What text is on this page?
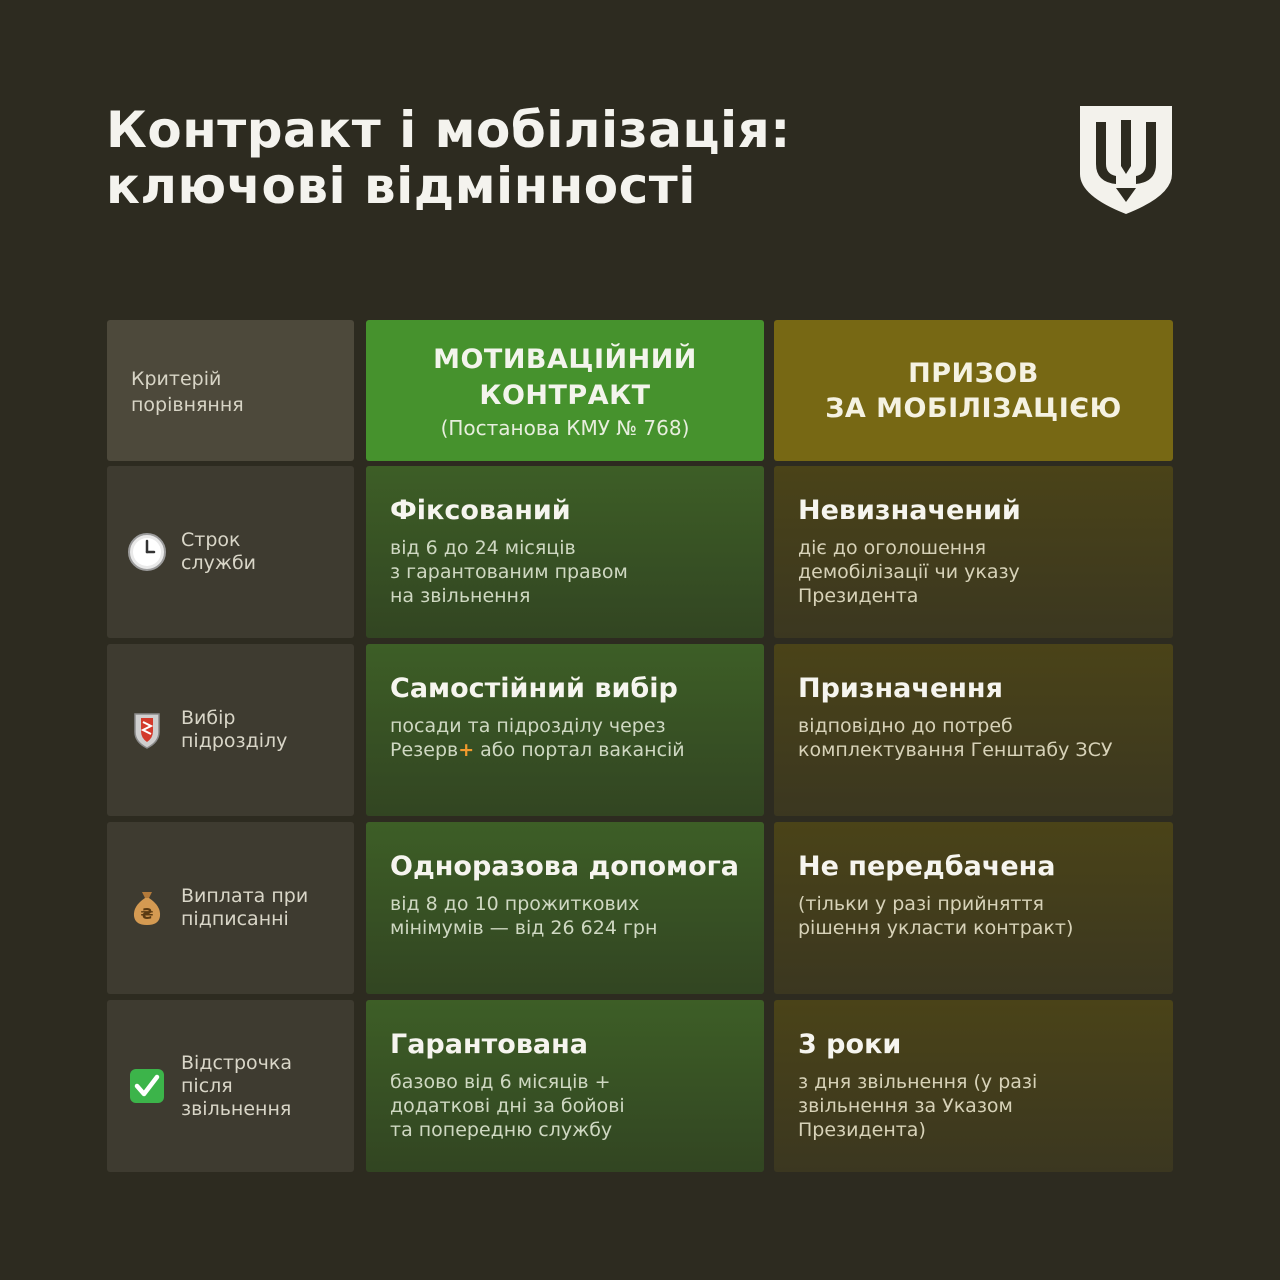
Контракт і мобілізація:
ключові відмінності
Критерій
порівняння
МОТИВАЦІЙНИЙ
КОНТРАКТ
(Постанова КМУ № 768)
ПРИЗОВ
ЗА МОБІЛІЗАЦІЄЮ
Строк
служби
Фіксований
від 6 до 24 місяців
з гарантованим правом
на звільнення
Невизначений
діє до оголошення
демобілізації чи указу
Президента
Вибір
підрозділу
Самостійний вибір
посади та підрозділу через
Резерв+ або портал вакансій
Призначення
відповідно до потреб
комплектування Генштабу ЗСУ
₴
Виплата при
підписанні
Одноразова допомога
від 8 до 10 прожиткових
мінімумів — від 26 624 грн
Не передбачена
(тільки у разі прийняття
рішення укласти контракт)
Відстрочка
після
звільнення
Гарантована
базово від 6 місяців +
додаткові дні за бойові
та попередню службу
3 роки
з дня звільнення (у разі
звільнення за Указом
Президента)
